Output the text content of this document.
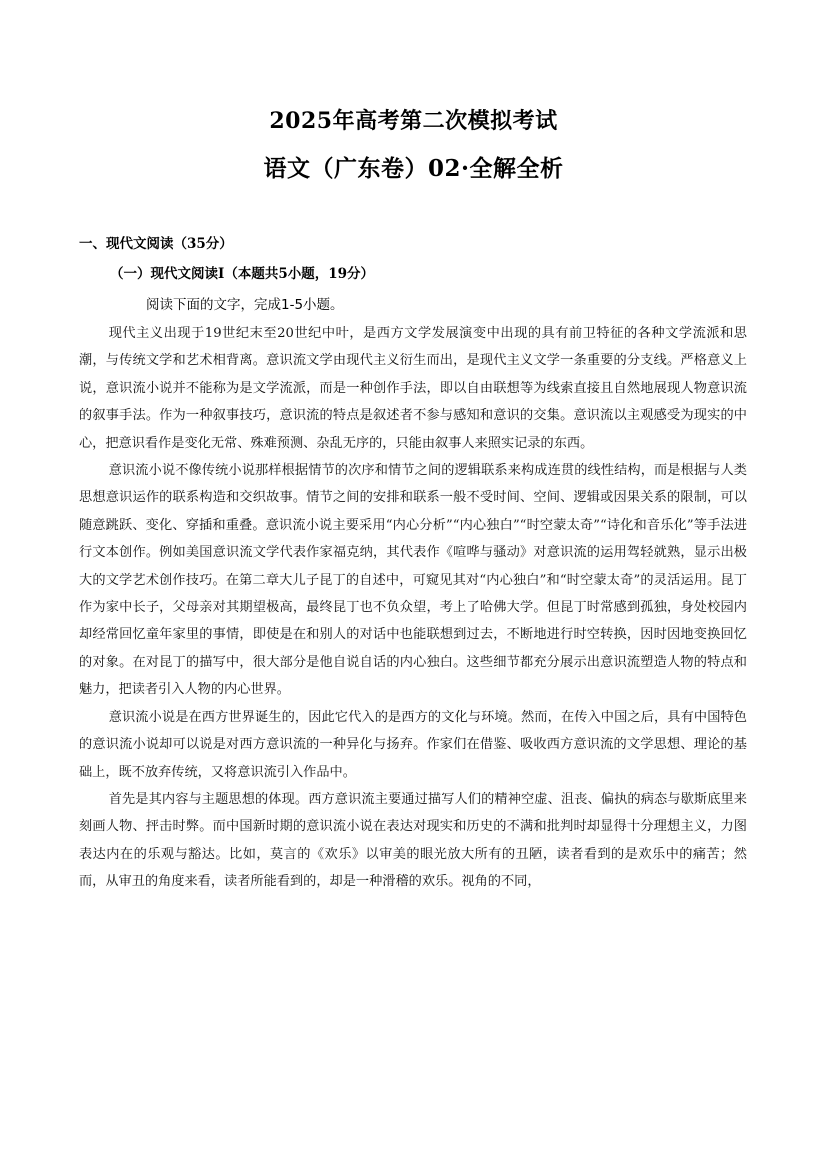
2025年高考第二次模拟考试
语文（广东卷）02·全解全析
一、现代文阅读（35分）
（一）现代文阅读Ⅰ（本题共5小题，19分）

阅读下面的文字，完成1-5小题。

现代主义出现于19世纪末至20世纪中叶，是西方文学发展演变中出现的具有前卫特征的各种文学流派和思潮，与传统文学和艺术相背离。意识流文学由现代主义衍生而出，是现代主义文学一条重要的分支线。严格意义上说，意识流小说并不能称为是文学流派，而是一种创作手法，即以自由联想等为线索直接且自然地展现人物意识流的叙事手法。作为一种叙事技巧，意识流的特点是叙述者不参与感知和意识的交集。意识流以主观感受为现实的中心，把意识看作是变化无常、殊难预测、杂乱无序的，只能由叙事人来照实记录的东西。

意识流小说不像传统小说那样根据情节的次序和情节之间的逻辑联系来构成连贯的线性结构，而是根据与人类思想意识运作的联系构造和交织故事。情节之间的安排和联系一般不受时间、空间、逻辑或因果关系的限制，可以随意跳跃、变化、穿插和重叠。意识流小说主要采用“内心分析”“内心独白”“时空蒙太奇”“诗化和音乐化”等手法进行文本创作。例如美国意识流文学代表作家福克纳，其代表作《喧哗与骚动》对意识流的运用驾轻就熟，显示出极大的文学艺术创作技巧。在第二章大儿子昆丁的自述中，可窥见其对“内心独白”和“时空蒙太奇”的灵活运用。昆丁作为家中长子，父母亲对其期望极高，最终昆丁也不负众望，考上了哈佛大学。但昆丁时常感到孤独，身处校园内却经常回忆童年家里的事情，即使是在和别人的对话中也能联想到过去，不断地进行时空转换，因时因地变换回忆的对象。在对昆丁的描写中，很大部分是他自说自话的内心独白。这些细节都充分展示出意识流塑造人物的特点和魅力，把读者引入人物的内心世界。

意识流小说是在西方世界诞生的，因此它代入的是西方的文化与环境。然而，在传入中国之后，具有中国特色的意识流小说却可以说是对西方意识流的一种异化与扬弃。作家们在借鉴、吸收西方意识流的文学思想、理论的基础上，既不放弃传统，又将意识流引入作品中。

首先是其内容与主题思想的体现。西方意识流主要通过描写人们的精神空虚、沮丧、偏执的病态与歇斯底里来刻画人物、抨击时弊。而中国新时期的意识流小说在表达对现实和历史的不满和批判时却显得十分理想主义，力图表达内在的乐观与豁达。比如，莫言的《欢乐》以审美的眼光放大所有的丑陋，读者看到的是欢乐中的痛苦；然而，从审丑的角度来看，读者所能看到的，却是一种滑稽的欢乐。视角的不同，
